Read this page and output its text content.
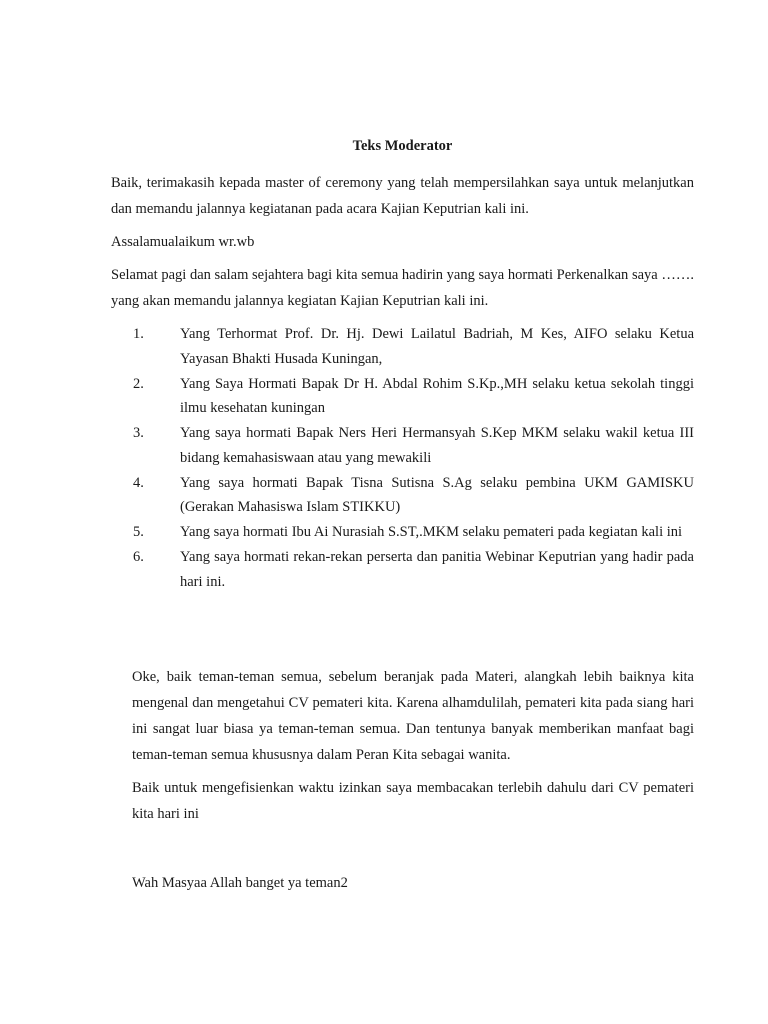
Teks Moderator

Baik, terimakasih kepada master of ceremony yang telah mempersilahkan saya untuk melanjutkan dan memandu jalannya kegiatanan pada acara Kajian Keputrian kali ini.

Assalamualaikum wr.wb

Selamat pagi dan salam sejahtera bagi kita semua hadirin yang saya hormati Perkenalkan saya ……. yang akan memandu jalannya kegiatan Kajian Keputrian kali ini.

1. Yang Terhormat Prof. Dr. Hj. Dewi Lailatul Badriah, M Kes, AIFO selaku Ketua Yayasan Bhakti Husada Kuningan,
2. Yang Saya Hormati Bapak Dr H. Abdal Rohim S.Kp.,MH selaku ketua sekolah tinggi ilmu kesehatan kuningan
3. Yang saya hormati Bapak Ners Heri Hermansyah S.Kep MKM selaku wakil ketua III bidang kemahasiswaan atau yang mewakili
4. Yang saya hormati Bapak Tisna Sutisna S.Ag selaku pembina UKM GAMISKU (Gerakan Mahasiswa Islam STIKKU)
5. Yang saya hormati Ibu Ai Nurasiah S.ST,.MKM selaku pemateri pada kegiatan kali ini
6. Yang saya hormati rekan-rekan perserta dan panitia Webinar Keputrian yang hadir pada hari ini.

Oke, baik teman-teman semua, sebelum beranjak pada Materi, alangkah lebih baiknya kita mengenal dan mengetahui CV pemateri kita. Karena alhamdulilah, pemateri kita pada siang hari ini sangat luar biasa ya teman-teman semua. Dan tentunya banyak memberikan manfaat bagi teman-teman semua khususnya dalam Peran Kita sebagai wanita.

Baik untuk mengefisienkan waktu izinkan saya membacakan terlebih dahulu dari CV pemateri kita hari ini

Wah Masyaa Allah banget ya teman2
